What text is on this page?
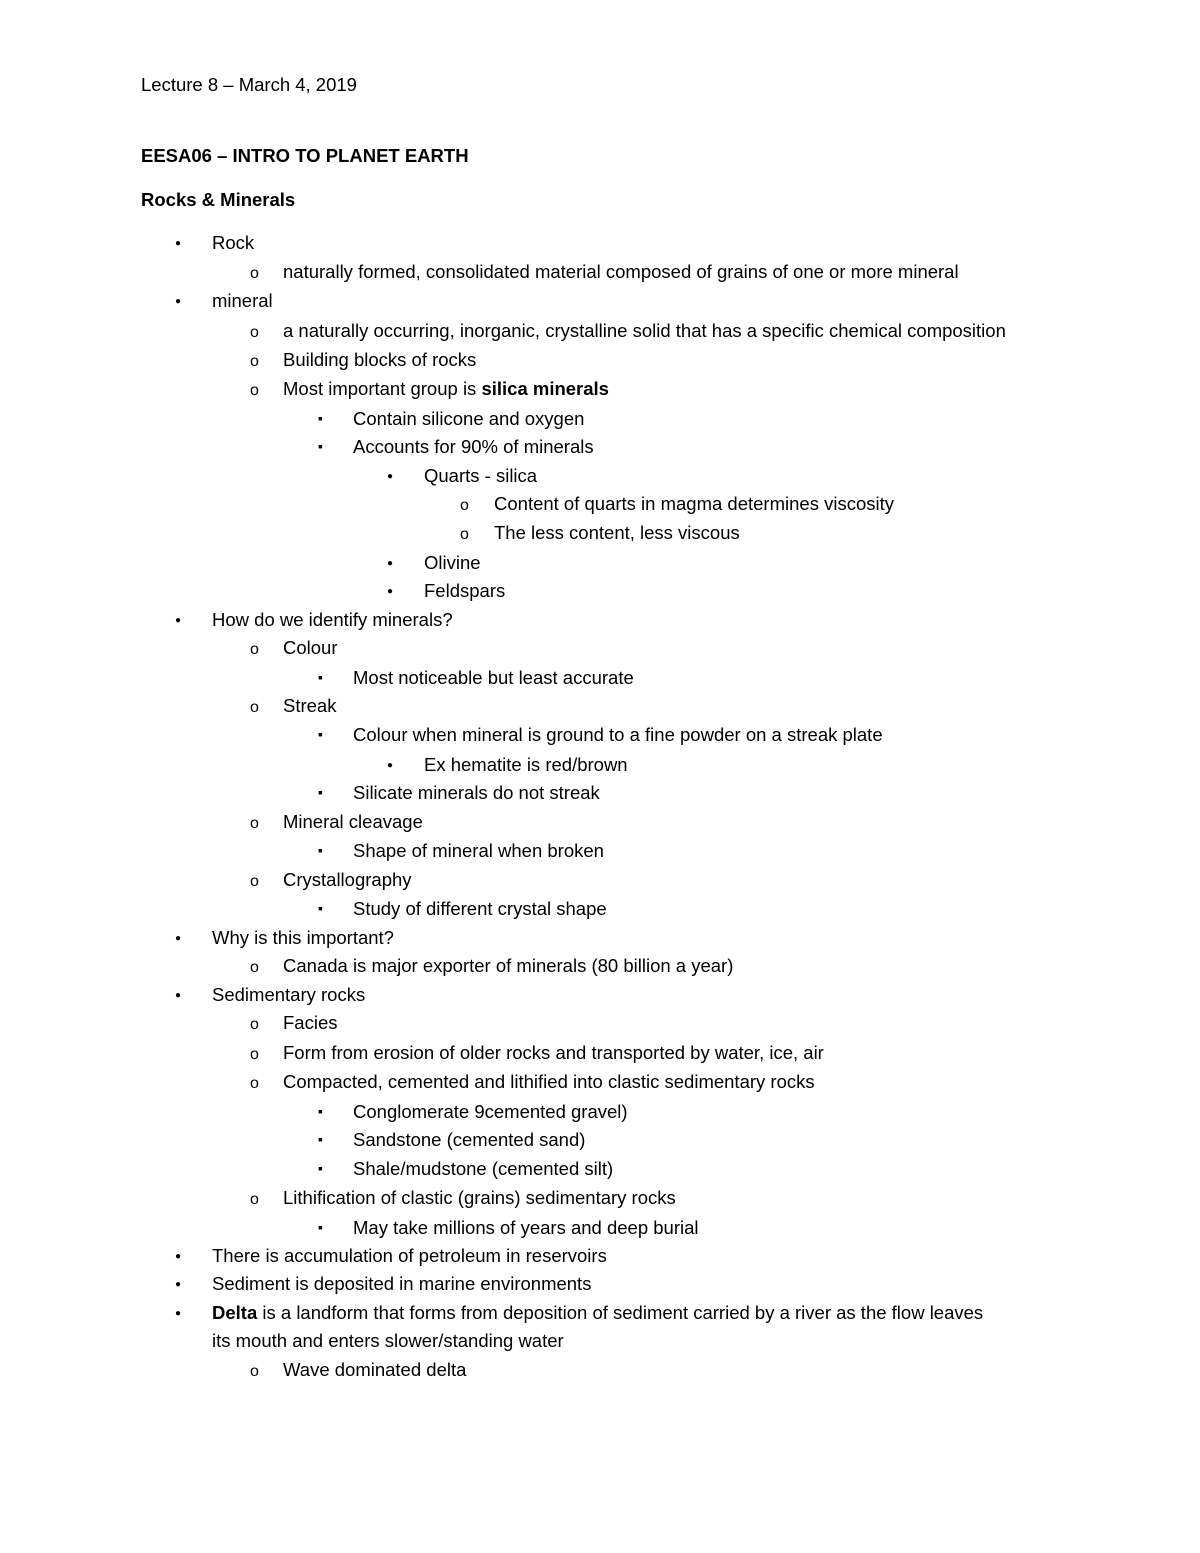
Lecture 8 – March 4, 2019
EESA06 – INTRO TO PLANET EARTH
Rocks & Minerals
●
Rock
o
naturally formed, consolidated material composed of grains of one or more mineral
●
mineral
o
a naturally occurring, inorganic, crystalline solid that has a specific chemical composition
o
Building blocks of rocks
o
Most important group is silica minerals
▪
Contain silicone and oxygen
▪
Accounts for 90% of minerals
●
Quarts - silica
o
Content of quarts in magma determines viscosity
o
The less content, less viscous
●
Olivine
●
Feldspars
●
How do we identify minerals?
o
Colour
▪
Most noticeable but least accurate
o
Streak
▪
Colour when mineral is ground to a fine powder on a streak plate
●
Ex hematite is red/brown
▪
Silicate minerals do not streak
o
Mineral cleavage
▪
Shape of mineral when broken
o
Crystallography
▪
Study of different crystal shape
●
Why is this important?
o
Canada is major exporter of minerals (80 billion a year)
●
Sedimentary rocks
o
Facies
o
Form from erosion of older rocks and transported by water, ice, air
o
Compacted, cemented and lithified into clastic sedimentary rocks
▪
Conglomerate 9cemented gravel)
▪
Sandstone (cemented sand)
▪
Shale/mudstone (cemented silt)
o
Lithification of clastic (grains) sedimentary rocks
▪
May take millions of years and deep burial
●
There is accumulation of petroleum in reservoirs
●
Sediment is deposited in marine environments
●
Delta is a landform that forms from deposition of sediment carried by a river as the flow leaves
its mouth and enters slower/standing water
o
Wave dominated delta
